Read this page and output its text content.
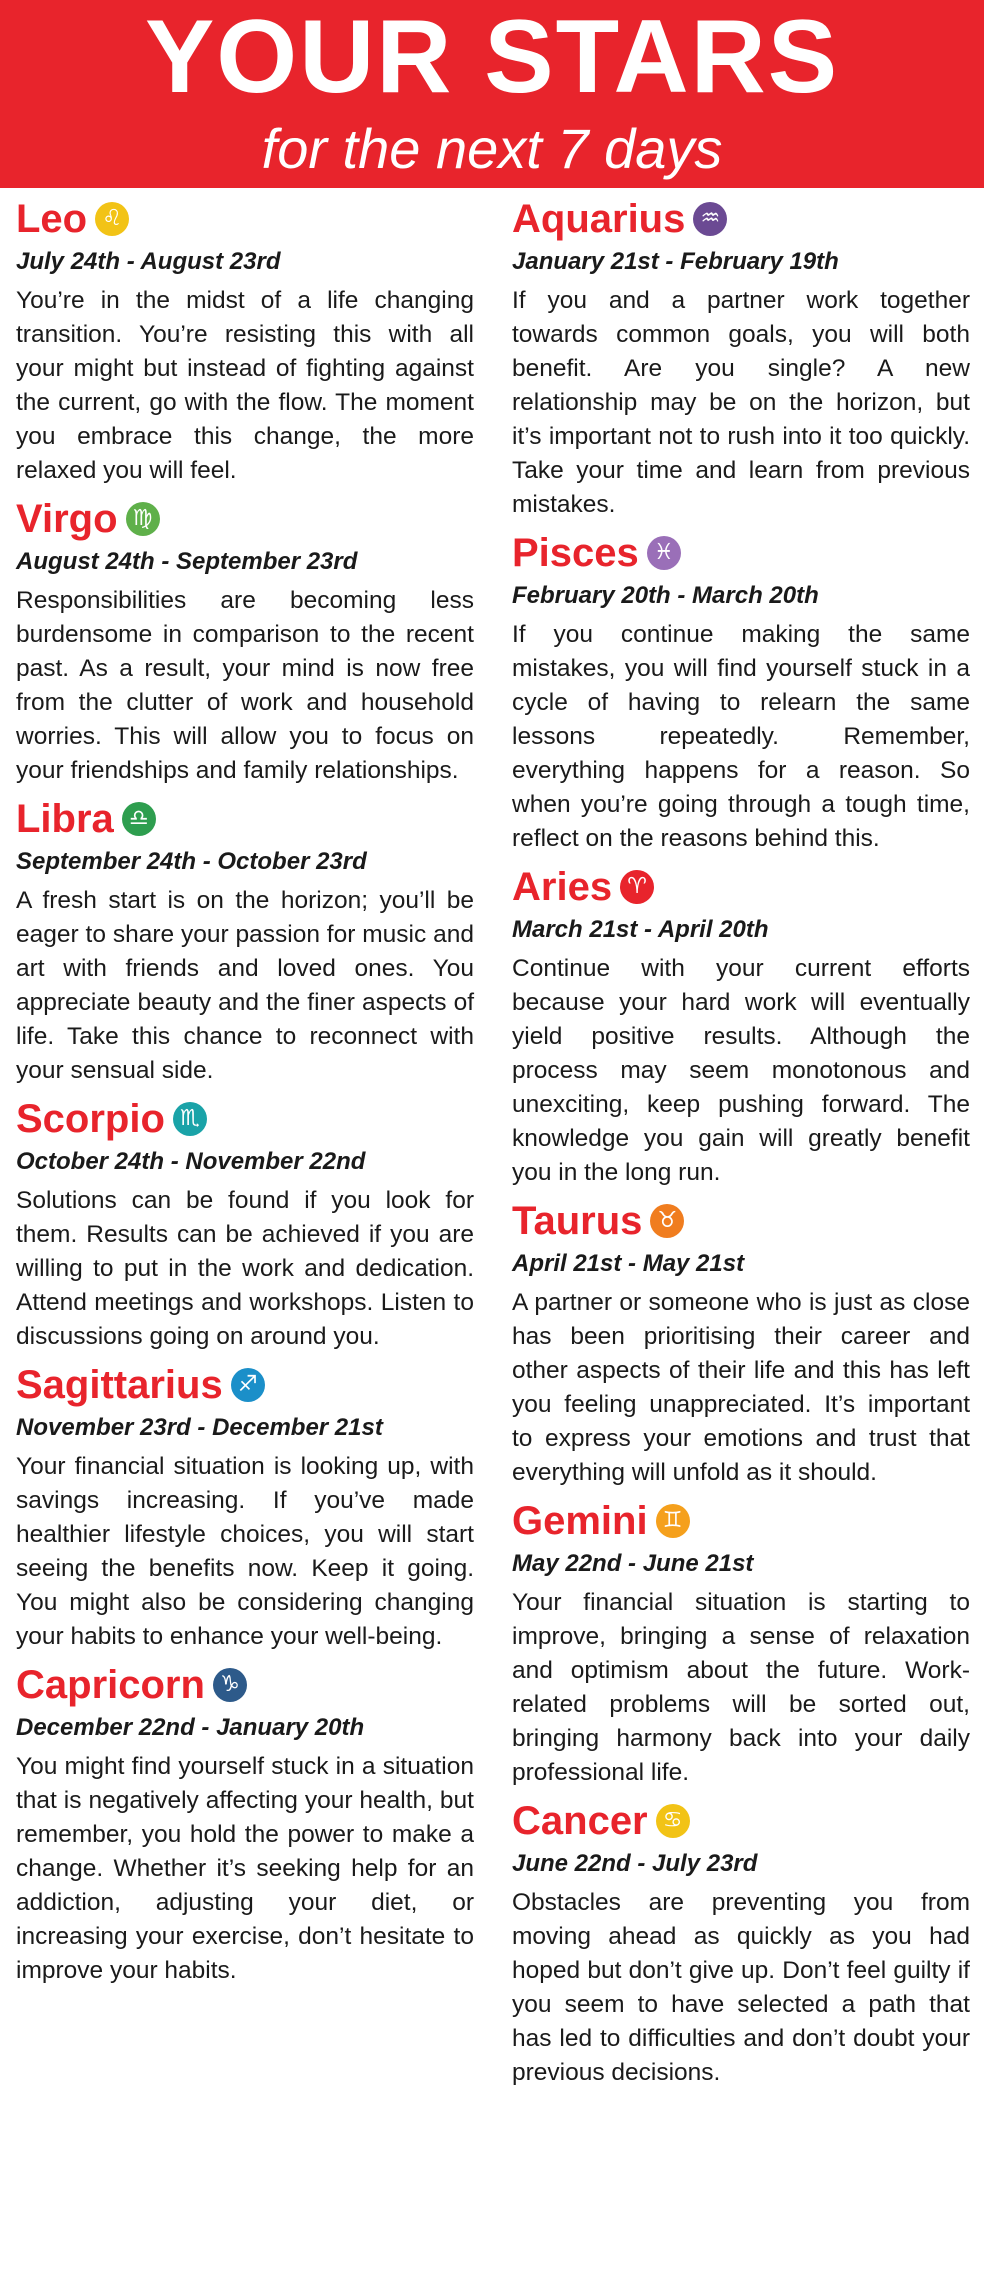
YOUR STARS
for the next 7 days
Leo ♌
July 24th - August 23rd
You’re in the midst of a life changing transition. You’re resisting this with all your might but instead of fighting against the current, go with the flow. The moment you embrace this change, the more relaxed you will feel.
Virgo ♍
August 24th - September 23rd
Responsibilities are becoming less burdensome in comparison to the recent past. As a result, your mind is now free from the clutter of work and household worries. This will allow you to focus on your friendships and family relationships.
Libra ♎
September 24th - October 23rd
A fresh start is on the horizon; you’ll be eager to share your passion for music and art with friends and loved ones. You appreciate beauty and the finer aspects of life. Take this chance to reconnect with your sensual side.
Scorpio ♏
October 24th - November 22nd
Solutions can be found if you look for them. Results can be achieved if you are willing to put in the work and dedication. Attend meetings and workshops. Listen to discussions going on around you.
Sagittarius ♐
November 23rd - December 21st
Your financial situation is looking up, with savings increasing. If you’ve made healthier lifestyle choices, you will start seeing the benefits now. Keep it going. You might also be considering changing your habits to enhance your well-being.
Capricorn ♑
December 22nd - January 20th
You might find yourself stuck in a situation that is negatively affecting your health, but remember, you hold the power to make a change. Whether it’s seeking help for an addiction, adjusting your diet, or increasing your exercise, don’t hesitate to improve your habits.
Aquarius ♒
January 21st - February 19th
If you and a partner work together towards common goals, you will both benefit. Are you single? A new relationship may be on the horizon, but it’s important not to rush into it too quickly. Take your time and learn from previous mistakes.
Pisces ♓
February 20th - March 20th
If you continue making the same mistakes, you will find yourself stuck in a cycle of having to relearn the same lessons repeatedly. Remember, everything happens for a reason. So when you’re going through a tough time, reflect on the reasons behind this.
Aries ♈
March 21st - April 20th
Continue with your current efforts because your hard work will eventually yield positive results. Although the process may seem monotonous and unexciting, keep pushing forward. The knowledge you gain will greatly benefit you in the long run.
Taurus ♉
April 21st - May 21st
A partner or someone who is just as close has been prioritising their career and other aspects of their life and this has left you feeling unappreciated. It’s important to express your emotions and trust that everything will unfold as it should.
Gemini ♊
May 22nd - June 21st
Your financial situation is starting to improve, bringing a sense of relaxation and optimism about the future. Work-related problems will be sorted out, bringing harmony back into your daily professional life.
Cancer ♋
June 22nd - July 23rd
Obstacles are preventing you from moving ahead as quickly as you had hoped but don’t give up. Don’t feel guilty if you seem to have selected a path that has led to difficulties and don’t doubt your previous decisions.
